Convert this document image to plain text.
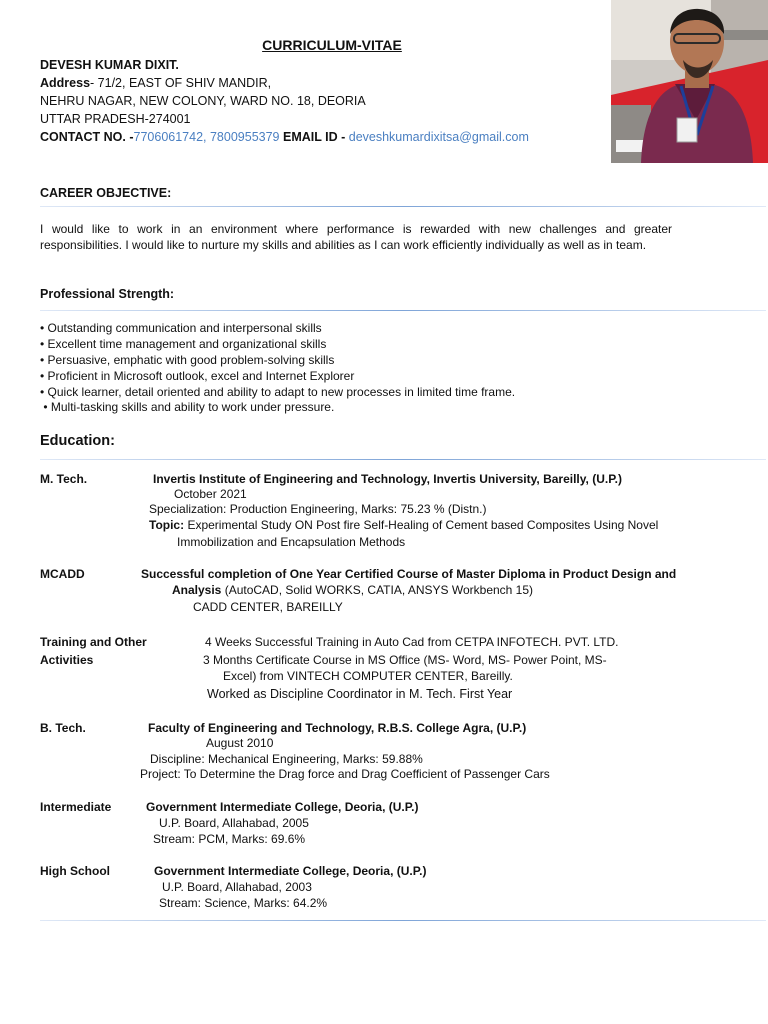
CURRICULUM-VITAE
DEVESH KUMAR DIXIT.
Address- 71/2, EAST OF SHIV MANDIR,
NEHRU NAGAR, NEW COLONY, WARD NO. 18, DEORIA
UTTAR PRADESH-274001
CONTACT NO. -7706061742, 7800955379 EMAIL ID - deveshkumardixitsa@gmail.com
CAREER OBJECTIVE:
I would like to work in an environment where performance is rewarded with new challenges and greater responsibilities. I would like to nurture my skills and abilities as I can work efficiently individually as well as in team.
Professional Strength:
• Outstanding communication and interpersonal skills
• Excellent time management and organizational skills
• Persuasive, emphatic with good problem-solving skills
• Proficient in Microsoft outlook, excel and Internet Explorer
• Quick learner, detail oriented and ability to adapt to new processes in limited time frame.
• Multi-tasking skills and ability to work under pressure.
Education:
M. Tech.	Invertis Institute of Engineering and Technology, Invertis University, Bareilly, (U.P.)
October 2021
Specialization: Production Engineering, Marks: 75.23 % (Distn.)
Topic: Experimental Study ON Post fire Self-Healing of Cement based Composites Using Novel
Immobilization and Encapsulation Methods
MCADD	Successful completion of One Year Certified Course of Master Diploma in Product Design and
Analysis (AutoCAD, Solid WORKS, CATIA, ANSYS Workbench 15)
CADD CENTER, BAREILLY
Training and Other
Activities
4 Weeks Successful Training in Auto Cad from CETPA INFOTECH. PVT. LTD.
3 Months Certificate Course in MS Office (MS- Word, MS- Power Point, MS-
Excel) from VINTECH COMPUTER CENTER, Bareilly.
Worked as Discipline Coordinator in M. Tech. First Year
B. Tech.	Faculty of Engineering and Technology, R.B.S. College Agra, (U.P.)
August 2010
Discipline: Mechanical Engineering, Marks: 59.88%
Project: To Determine the Drag force and Drag Coefficient of Passenger Cars
Intermediate	Government Intermediate College, Deoria, (U.P.)
U.P. Board, Allahabad, 2005
Stream: PCM, Marks: 69.6%
High School	Government Intermediate College, Deoria, (U.P.)
U.P. Board, Allahabad, 2003
Stream: Science, Marks: 64.2%
